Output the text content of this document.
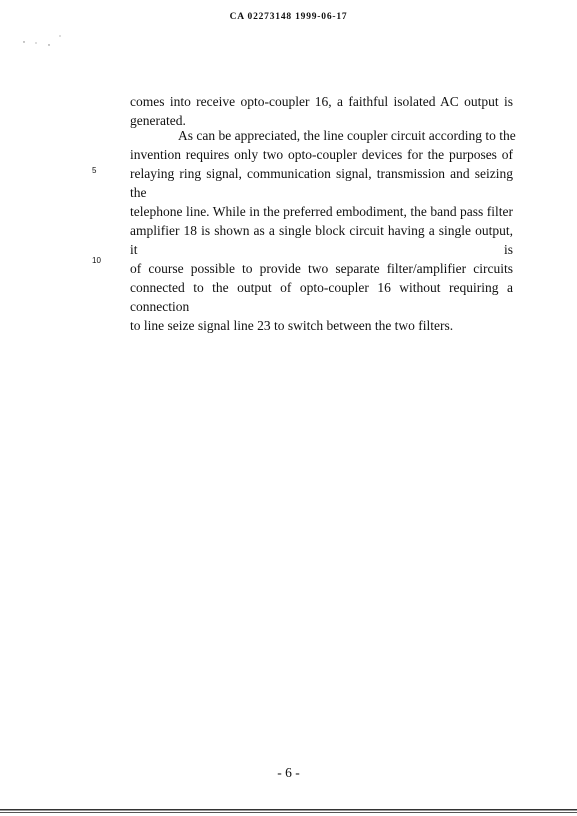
CA 02273148 1999-06-17
comes into receive opto-coupler 16, a faithful isolated AC output is
generated.
As can be appreciated, the line coupler circuit according to the
invention requires only two opto-coupler devices for the purposes of
relaying ring signal, communication signal, transmission and seizing the
telephone line. While in the preferred embodiment, the band pass filter
amplifier 18 is shown as a single block circuit having a single output, it is
of course possible to provide two separate filter/amplifier circuits
connected to the output of opto-coupler 16 without requiring a connection
to line seize signal line 23 to switch between the two filters.
5
10
- 6 -
